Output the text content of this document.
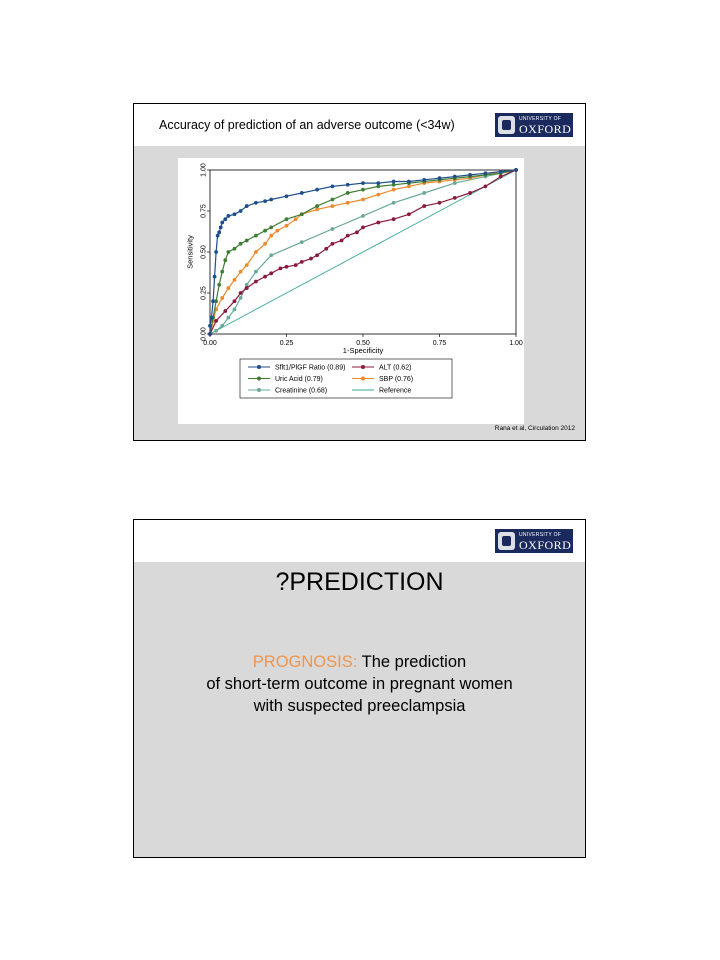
Accuracy of prediction of an adverse outcome (<34w)	UNIVERSITY OF
OXFORD
0.00	0.25	0.50	0.75	1.00
0.00
0.25
0.50
0.75
1.00
1-Specificity
Sensitivity
Sflt1/PlGF Ratio (0.89)	ALT (0.62)
Uric Acid (0.79)	SBP (0.76)
Creatinine (0.68)	Reference
Rana et al, Circulation 2012
UNIVERSITY OF
OXFORD
?PREDICTION
PROGNOSIS: The prediction
of short-term outcome in pregnant women
with suspected preeclampsia
